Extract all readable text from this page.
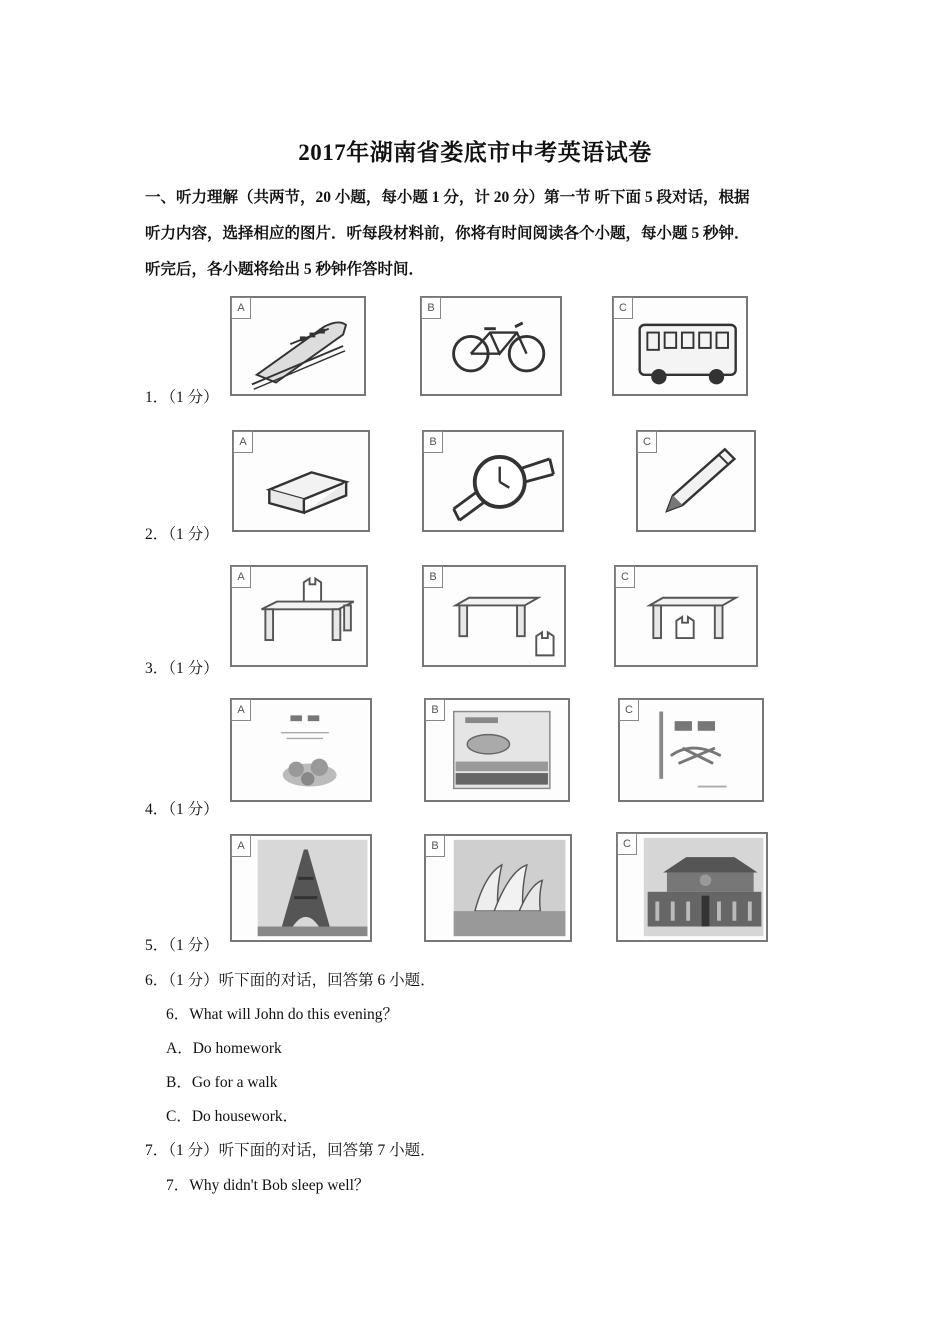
2017年湖南省娄底市中考英语试卷

一、听力理解（共两节，20 小题，每小题 1 分，计 20 分）第一节 听下面 5 段对话，根据

听力内容，选择相应的图片．听每段材料前，你将有时间阅读各个小题，每小题 5 秒钟．

听完后，各小题将给出 5 秒钟作答时间．

A	B	C
1．（1 分）
A	B	C
2．（1 分）
A	B	C
3．（1 分）
A	B	C
4．（1 分）
A	B	C
5．（1 分）
6．（1 分）听下面的对话，回答第 6 小题．
6．What will John do this evening？
A．Do homework
B．Go for a walk
C．Do housework．
7．（1 分）听下面的对话，回答第 7 小题．
7．Why didn't Bob sleep well？
